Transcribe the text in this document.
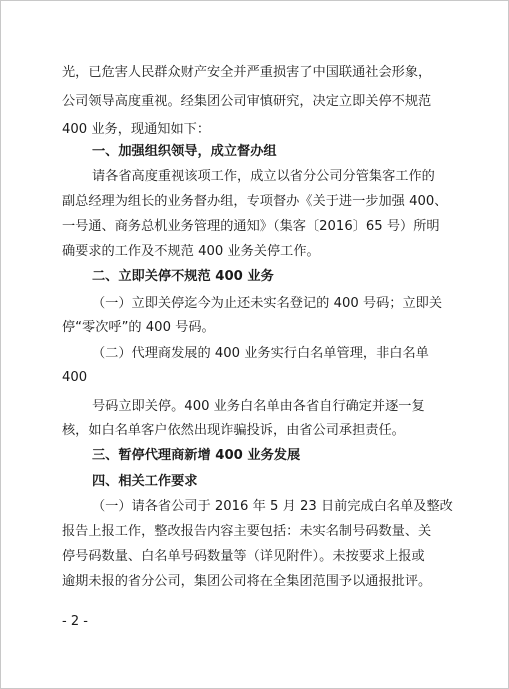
光，已危害人民群众财产安全并严重损害了中国联通社会形象，
公司领导高度重视。经集团公司审慎研究，决定立即关停不规范
400 业务，现通知如下：
一、加强组织领导，成立督办组
请各省高度重视该项工作，成立以省分公司分管集客工作的
副总经理为组长的业务督办组，专项督办《关于进一步加强 400、
一号通、商务总机业务管理的通知》（集客〔2016〕65 号）所明
确要求的工作及不规范 400 业务关停工作。
二、立即关停不规范 400 业务
（一）立即关停迄今为止还未实名登记的 400 号码；立即关
停“零次呼”的 400 号码。
（二）代理商发展的 400 业务实行白名单管理，非白名单
400
号码立即关停。400 业务白名单由各省自行确定并逐一复
核，如白名单客户依然出现诈骗投诉，由省公司承担责任。
三、暂停代理商新增 400 业务发展
四、相关工作要求
（一）请各省公司于 2016 年 5 月 23 日前完成白名单及整改
报告上报工作，整改报告内容主要包括：未实名制号码数量、关
停号码数量、白名单号码数量等（详见附件）。未按要求上报或
逾期未报的省分公司，集团公司将在全集团范围予以通报批评。
- 2 -
